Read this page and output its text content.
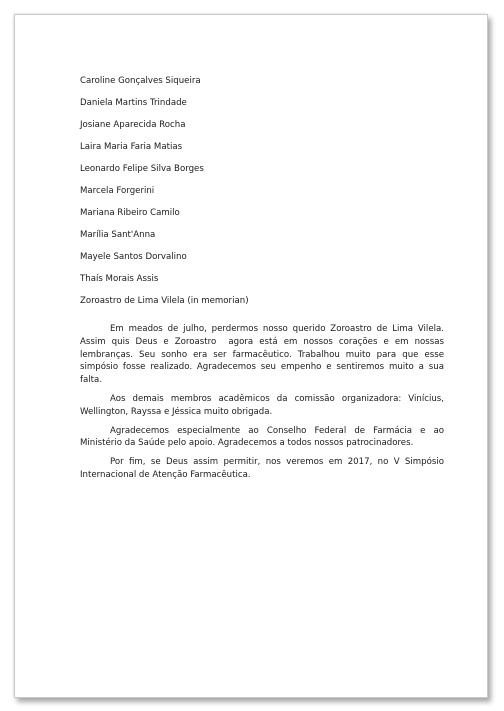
Caroline Gonçalves Siqueira
Daniela Martins Trindade
Josiane Aparecida Rocha
Laira Maria Faria Matias
Leonardo Felipe Silva Borges
Marcela Forgerini
Mariana Ribeiro Camilo
Marília Sant'Anna
Mayele Santos Dorvalino
Thaís Morais Assis
Zoroastro de Lima Vilela (in memorian)

Em meados de julho, perdermos nosso querido Zoroastro de Lima Vilela. Assim quis Deus e Zoroastro  agora está em nossos corações e em nossas lembranças. Seu sonho era ser farmacêutico. Trabalhou muito para que esse simpósio fosse realizado. Agradecemos seu empenho e sentiremos muito a sua falta.

Aos demais membros acadêmicos da comissão organizadora: Vinícius, Wellington, Rayssa e Jéssica muito obrigada.

Agradecemos especialmente ao Conselho Federal de Farmácia e ao Ministério da Saúde pelo apoio. Agradecemos a todos nossos patrocinadores.

Por fim, se Deus assim permitir, nos veremos em 2017, no V Simpósio Internacional de Atenção Farmacêutica.
